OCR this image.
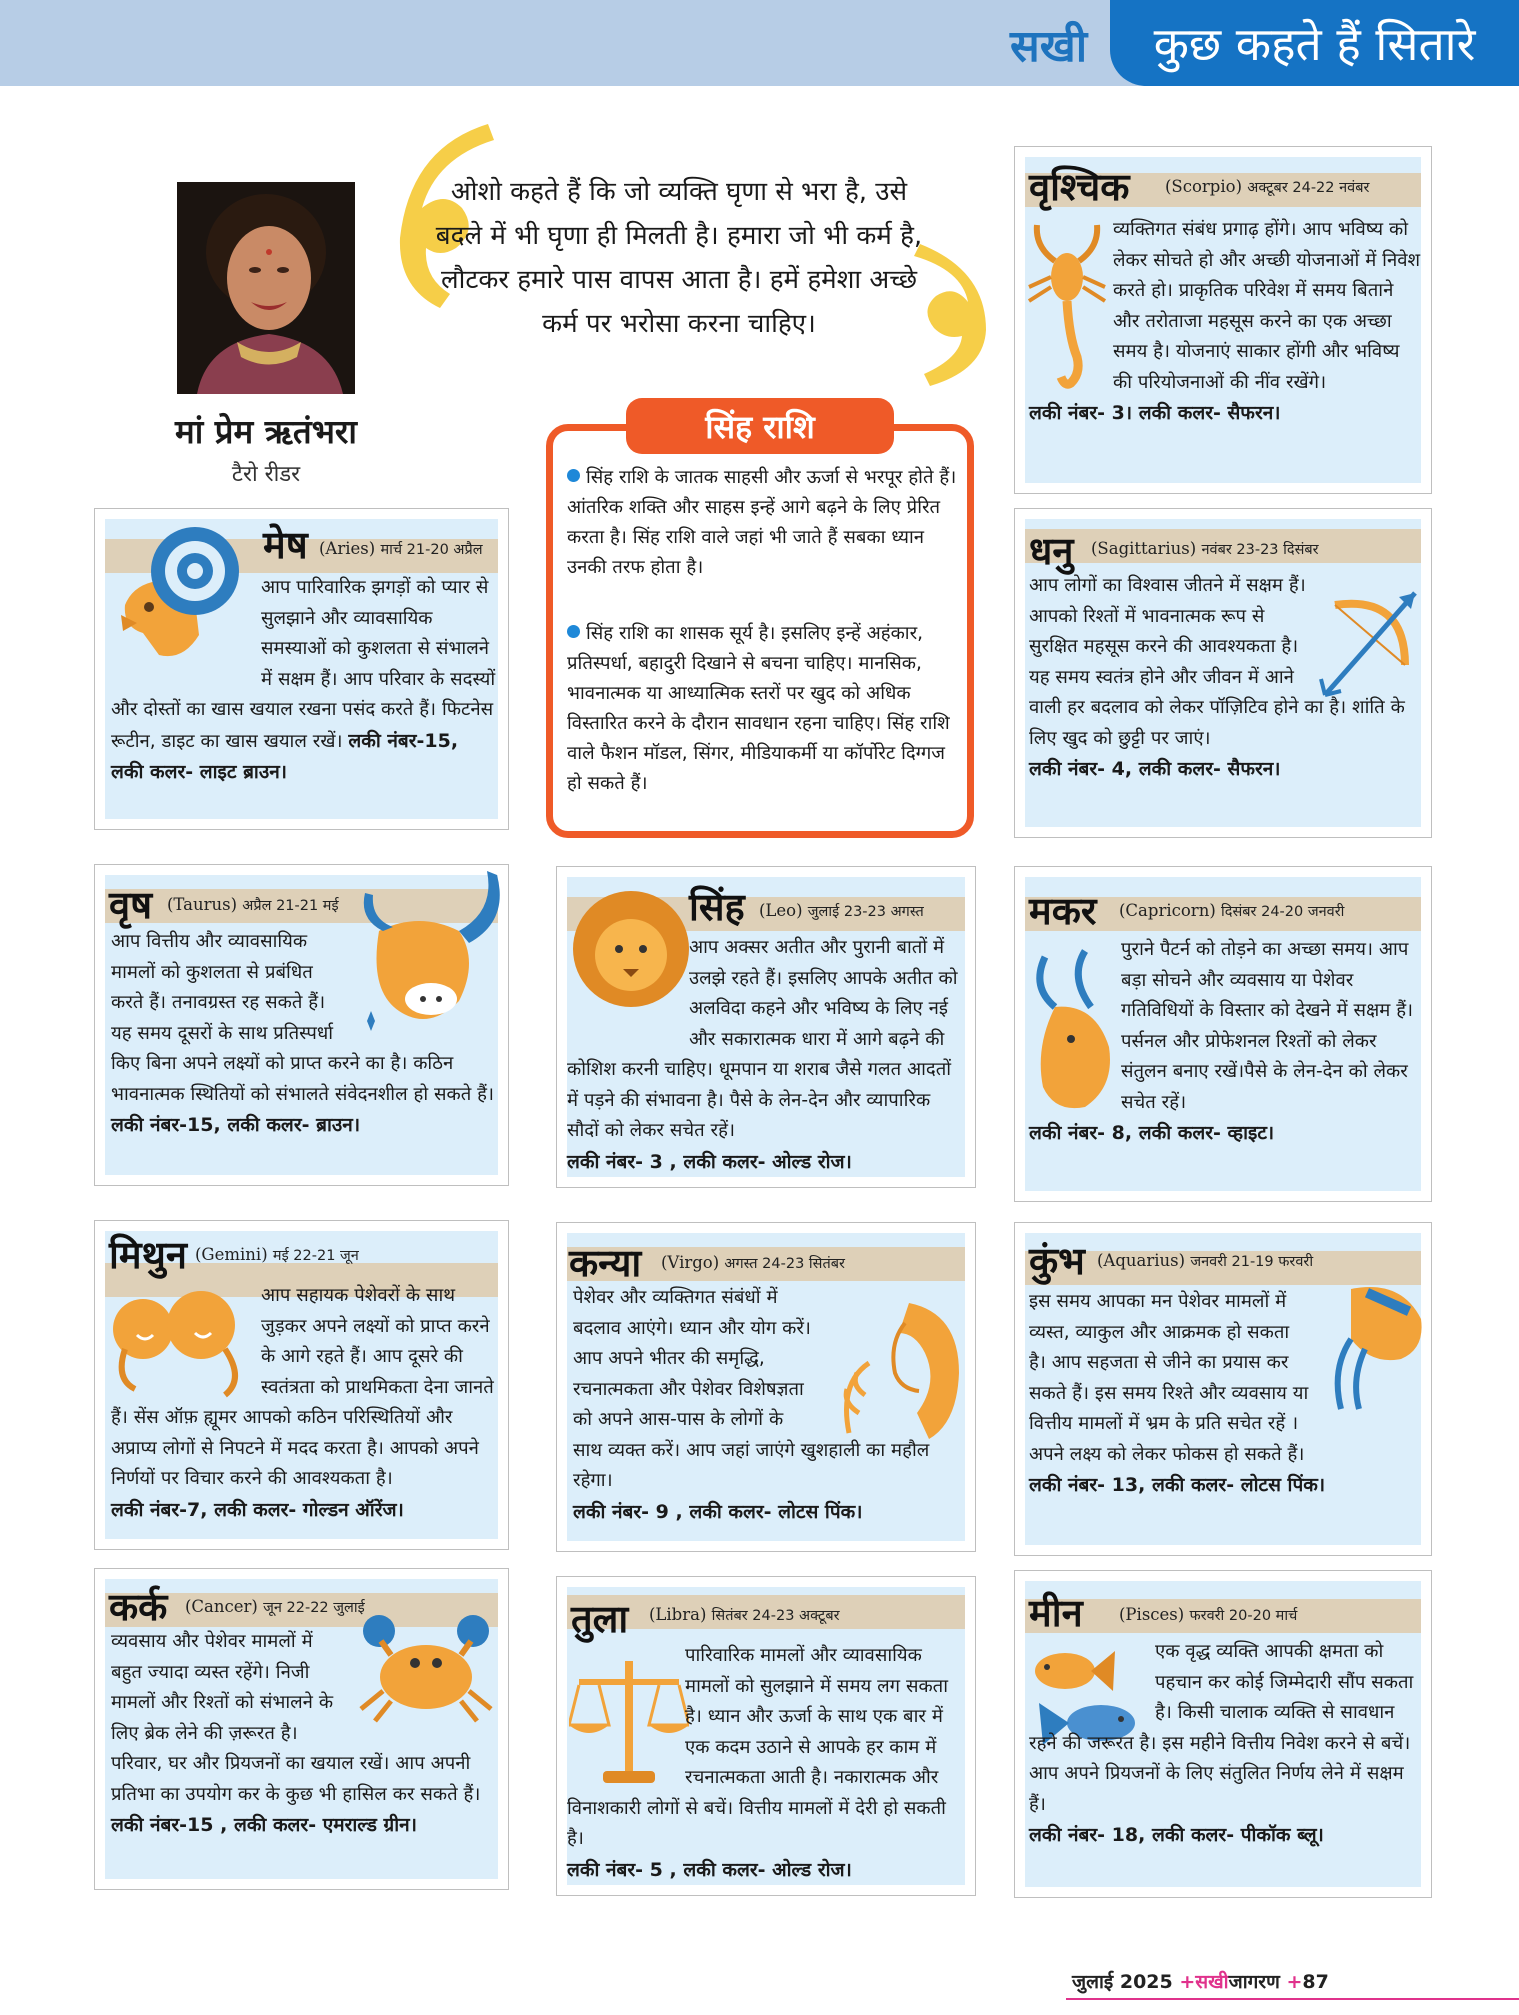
सखी	कुछ कहते हैं सितारे
मां प्रेम ऋतंभरा
टैरो रीडर
ओशो कहते हैं कि जो व्यक्ति घृणा से भरा है, उसे बदले में भी घृणा ही मिलती है। हमारा जो भी कर्म है, लौटकर हमारे पास वापस आता है। हमें हमेशा अच्छे कर्म पर भरोसा करना चाहिए।

सिंह राशि के जातक साहसी और ऊर्जा से भरपूर होते हैं। आंतरिक शक्ति और साहस इन्हें आगे बढ़ने के लिए प्रेरित करता है। सिंह राशि वाले जहां भी जाते हैं सबका ध्यान उनकी तरफ होता है।

सिंह राशि का शासक सूर्य है। इसलिए इन्हें अहंकार, प्रतिस्पर्धा, बहादुरी दिखाने से बचना चाहिए। मानसिक, भावनात्मक या आध्यात्मिक स्तरों पर खुद को अधिक विस्तारित करने के दौरान सावधान रहना चाहिए। सिंह राशि वाले फैशन मॉडल, सिंगर, मीडियाकर्मी या कॉर्पोरेट दिग्गज हो सकते हैं।

सिंह राशि
मेष (Aries) मार्च 21-20 अप्रैल

आप पारिवारिक झगड़ों को प्यार से सुलझाने और व्यावसायिक समस्याओं को कुशलता से संभालने में सक्षम हैं। आप परिवार के सदस्यों और दोस्तों का खास खयाल रखना पसंद करते हैं। फिटनेस रूटीन, डाइट का खास खयाल रखें। लकी नंबर-15, लकी कलर- लाइट ब्राउन।

वृष (Taurus) अप्रैल 21-21 मई

आप वित्तीय और व्यावसायिक मामलों को कुशलता से प्रबंधित करते हैं। तनावग्रस्त रह सकते हैं। यह समय दूसरों के साथ प्रतिस्पर्धा किए बिना अपने लक्ष्यों को प्राप्त करने का है। कठिन भावनात्मक स्थितियों को संभालते संवेदनशील हो सकते हैं।
लकी नंबर-15, लकी कलर- ब्राउन।

मिथुन (Gemini) मई 22-21 जून

आप सहायक पेशेवरों के साथ जुड़कर अपने लक्ष्यों को प्राप्त करने के आगे रहते हैं। आप दूसरे की स्वतंत्रता को प्राथमिकता देना जानते हैं। सेंस ऑफ़ ह्यूमर आपको कठिन परिस्थितियों और अप्राप्य लोगों से निपटने में मदद करता है। आपको अपने निर्णयों पर विचार करने की आवश्यकता है।
लकी नंबर-7, लकी कलर- गोल्डन ऑरेंज।

कर्क (Cancer) जून 22-22 जुलाई

व्यवसाय और पेशेवर मामलों में बहुत ज्यादा व्यस्त रहेंगे। निजी मामलों और रिश्तों को संभालने के लिए ब्रेक लेने की ज़रूरत है। परिवार, घर और प्रियजनों का खयाल रखें। आप अपनी प्रतिभा का उपयोग कर के कुछ भी हासिल कर सकते हैं।
लकी नंबर-15 , लकी कलर- एमराल्ड ग्रीन।

सिंह (Leo) जुलाई 23-23 अगस्त

आप अक्सर अतीत और पुरानी बातों में उलझे रहते हैं। इसलिए आपके अतीत को अलविदा कहने और भविष्य के लिए नई और सकारात्मक धारा में आगे बढ़ने की कोशिश करनी चाहिए। धूमपान या शराब जैसे गलत आदतों में पड़ने की संभावना है। पैसे के लेन-देन और व्यापारिक सौदों को लेकर सचेत रहें।
लकी नंबर- 3 , लकी कलर- ओल्ड रोज।

कन्या (Virgo) अगस्त 24-23 सितंबर

पेशेवर और व्यक्तिगत संबंधों में बदलाव आएंगे। ध्यान और योग करें। आप अपने भीतर की समृद्धि, रचनात्मकता और पेशेवर विशेषज्ञता को अपने आस-पास के लोगों के साथ व्यक्त करें। आप जहां जाएंगे खुशहाली का महौल रहेगा।
लकी नंबर- 9 , लकी कलर- लोटस पिंक।

तुला (Libra) सितंबर 24-23 अक्टूबर

पारिवारिक मामलों और व्यावसायिक मामलों को सुलझाने में समय लग सकता है। ध्यान और ऊर्जा के साथ एक बार में एक कदम उठाने से आपके हर काम में रचनात्मकता आती है। नकारात्मक और विनाशकारी लोगों से बचें। वित्तीय मामलों में देरी हो सकती है।
लकी नंबर- 5 , लकी कलर- ओल्ड रोज।

वृश्चिक (Scorpio) अक्टूबर 24-22 नवंबर

व्यक्तिगत संबंध प्रगाढ़ होंगे। आप भविष्य को लेकर सोचते हो और अच्छी योजनाओं में निवेश करते हो। प्राकृतिक परिवेश में समय बिताने और तरोताजा महसूस करने का एक अच्छा समय है। योजनाएं साकार होंगी और भविष्य की परियोजनाओं की नींव रखेंगे।
लकी नंबर- 3। लकी कलर- सैफरन।

धनु (Sagittarius) नवंबर 23-23 दिसंबर

आप लोगों का विश्वास जीतने में सक्षम हैं। आपको रिश्तों में भावनात्मक रूप से सुरक्षित महसूस करने की आवश्यकता है। यह समय स्वतंत्र होने और जीवन में आने वाली हर बदलाव को लेकर पॉज़िटिव होने का है। शांति के लिए खुद को छुट्टी पर जाएं।
लकी नंबर- 4, लकी कलर- सैफरन।

मकर (Capricorn) दिसंबर 24-20 जनवरी

पुराने पैटर्न को तोड़ने का अच्छा समय। आप बड़ा सोचने और व्यवसाय या पेशेवर गतिविधियों के विस्तार को देखने में सक्षम हैं। पर्सनल और प्रोफेशनल रिश्तों को लेकर संतुलन बनाए रखें।पैसे के लेन-देन को लेकर सचेत रहें।
लकी नंबर- 8, लकी कलर- व्हाइट।

कुंभ (Aquarius) जनवरी 21-19 फरवरी

इस समय आपका मन पेशेवर मामलों में व्यस्त, व्याकुल और आक्रमक हो सकता है। आप सहजता से जीने का प्रयास कर सकते हैं। इस समय रिश्ते और व्यवसाय या वित्तीय मामलों में भ्रम के प्रति सचेत रहें । अपने लक्ष्य को लेकर फोकस हो सकते हैं।
लकी नंबर- 13, लकी कलर- लोटस पिंक।

मीन (Pisces) फरवरी 20-20 मार्च

एक वृद्ध व्यक्ति आपकी क्षमता को पहचान कर कोई जिम्मेदारी सौंप सकता है। किसी चालाक व्यक्ति से सावधान रहने की जरूरत है। इस महीने वित्तीय निवेश करने से बचें। आप अपने प्रियजनों के लिए संतुलित निर्णय लेने में सक्षम हैं।
लकी नंबर- 18, लकी कलर- पीकॉक ब्लू।

जुलाई 2025 +सखीजागरण +87
